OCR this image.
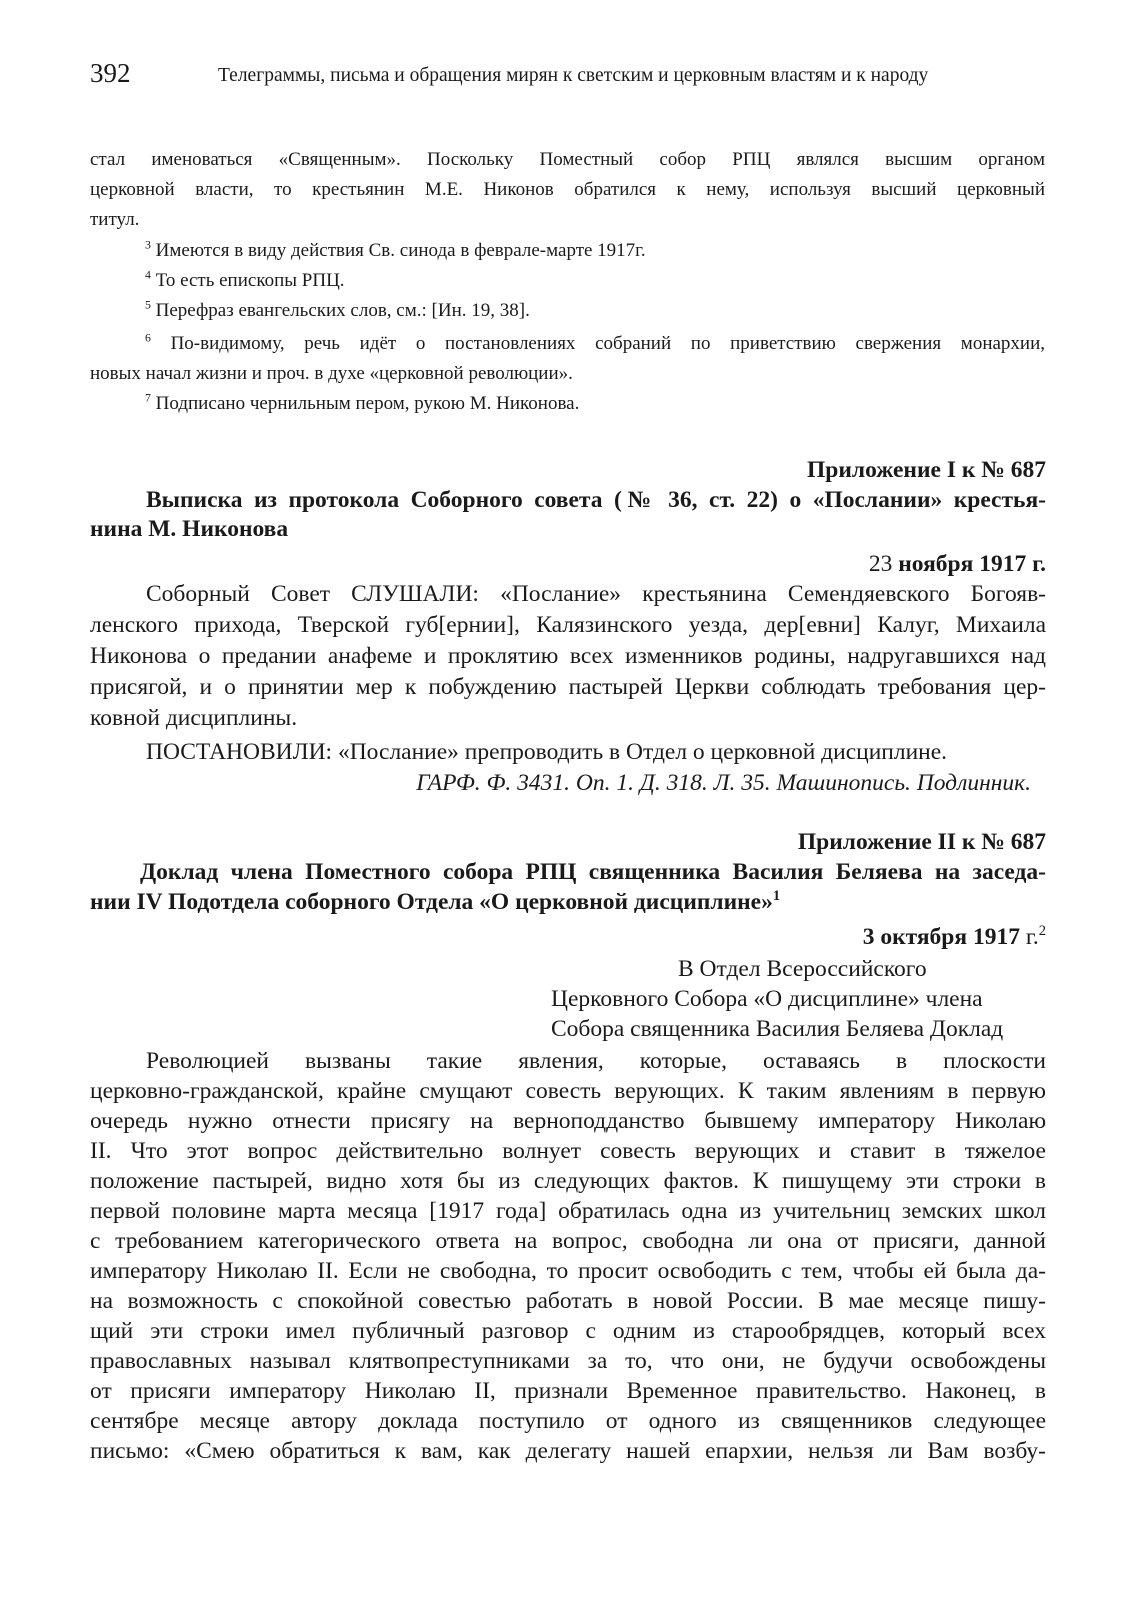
392	Телеграммы, письма и обращения мирян к светским и церковным властям и к народу
стал именоваться «Священным». Поскольку Поместный собор РПЦ являлся высшим органом
церковной власти, то крестьянин М.Е. Никонов обратился к нему, используя высший церковный
титул.
$^3$ Имеются в виду действия Св. синода в феврале-марте 1917г.
$^4$ То есть епископы РПЦ.
$^5$ Перефраз евангельских слов, см.: [Ин. 19, 38].
$^6$ По-видимому, речь идёт о постановлениях собраний по приветствию свержения монархии,
новых начал жизни и проч. в духе «церковной революции».
$^7$ Подписано чернильным пером, рукою М. Никонова.
Приложение I к № 687
Выписка из протокола Соборного совета (№ 36, ст. 22) о «Послании» крестья-
нина М. Никонова
23 ноября 1917 г.
Соборный Совет СЛУШАЛИ: «Послание» крестьянина Семендяевского Богояв-
ленского прихода, Тверской губ[ернии], Калязинского уезда, дер[евни] Калуг, Михаила
Никонова о предании анафеме и проклятию всех изменников родины, надругавшихся над
присягой, и о принятии мер к побуждению пастырей Церкви соблюдать требования цер-
ковной дисциплины.
ПОСТАНОВИЛИ: «Послание» препроводить в Отдел о церковной дисциплине.
ГАРФ. Ф. 3431. Оп. 1. Д. 318. Л. 35. Машинопись. Подлинник.
Приложение II к № 687
Доклад члена Поместного собора РПЦ священника Василия Беляева на заседа-
нии IV Подотдела соборного Отдела «О церковной дисциплине»$^1$
3 октября 1917 г.$^2$
В Отдел Всероссийского
Церковного Собора «О дисциплине» члена
Собора священника Василия Беляева Доклад
Революцией вызваны такие явления, которые, оставаясь в плоскости
церковно-гражданской, крайне смущают совесть верующих. К таким явлениям в первую
очередь нужно отнести присягу на верноподданство бывшему императору Николаю
II. Что этот вопрос действительно волнует совесть верующих и ставит в тяжелое
положение пастырей, видно хотя бы из следующих фактов. К пишущему эти строки в
первой половине марта месяца [1917 года] обратилась одна из учительниц земских школ
с требованием категорического ответа на вопрос, свободна ли она от присяги, данной
императору Николаю II. Если не свободна, то просит освободить с тем, чтобы ей была да-
на возможность с спокойной совестью работать в новой России. В мае месяце пишу-
щий эти строки имел публичный разговор с одним из старообрядцев, который всех
православных называл клятвопреступниками за то, что они, не будучи освобождены
от присяги императору Николаю II, признали Временное правительство. Наконец, в
сентябре месяце автору доклада поступило от одного из священников следующее
письмо: «Смею обратиться к вам, как делегату нашей епархии, нельзя ли Вам возбу-
